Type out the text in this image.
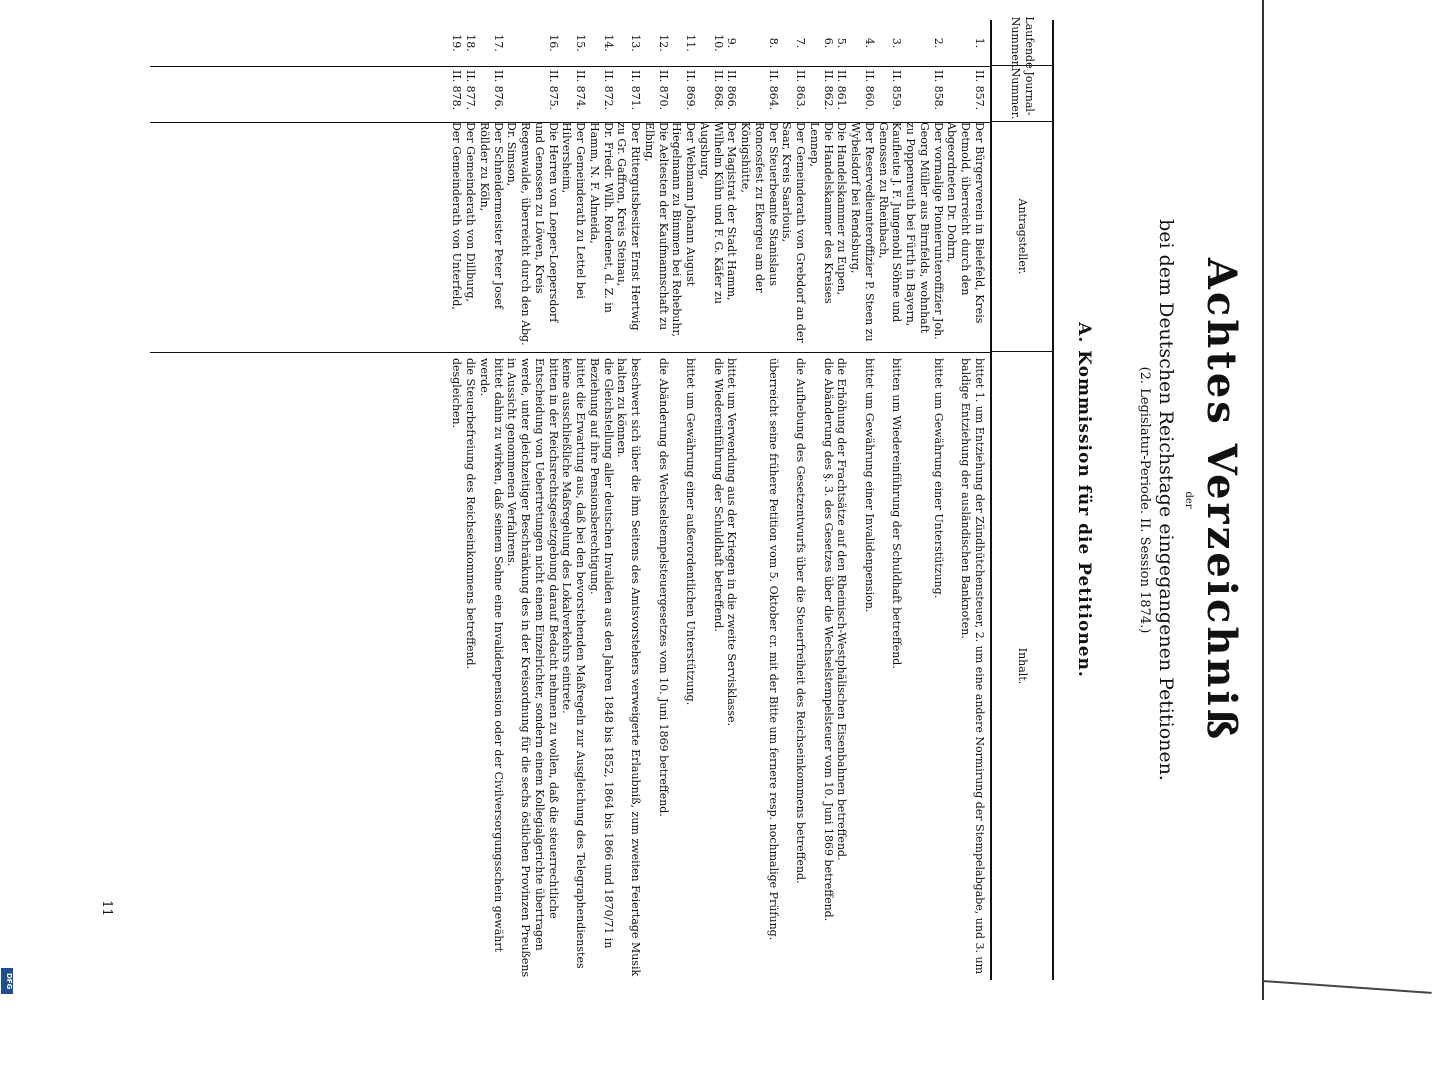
Achtes Verzeichniß
der
bei dem Deutschen Reichstage eingegangenen Petitionen.
(2. Legislatur-Periode. II. Session 1874.)
A. Kommission für die Petitionen.
Laufende Nummer.
Journal-Nummer.
Antragsteller.
Inhalt.
1.
II. 857.
Der Bürgerverein in Bielefeld, Kreis Detmold, überreicht durch den Abgeordneten Dr. Dohrn,
bittet 1. um Entziehung der Zündhütchensteuer, 2. um eine andere Normirung der Stempelabgabe, und 3. um baldige Entziehung der ausländischen Banknoten.
2.
II. 858.
Der vormalige Pionierunteroffizier Joh. Georg Müller aus Birnfelds, wohnhaft zu Poppenreuth bei Fürth in Bayern,
bittet um Gewährung einer Unterstützung.
3.
II. 859.
Kaufleute J. F. Jungenohl Söhne und Genossen zu Rheinbach,
bitten um Wiedereinführung der Schuldhaft betreffend.
4.
II. 860.
Der Reservedieunteroffizier P. Steen zu Wybelsdorf bei Rendsburg,
bittet um Gewährung einer Invalidenpension.
5.
II. 861.
Die Handelskammer zu Eupen,
die Erhöhung der Frachtsätze auf den Rheinisch-Westphälischen Eisenbahnen betreffend.
6.
II. 862.
Die Handelskammer des Kreises Lennep,
die Abänderung des §. 3. des Gesetzes über die Wechselstempelsteuer vom 10. Juni 1869 betreffend.
7.
II. 863.
Der Gemeinderath von Grebdorf an der Saar, Kreis Saarlouis,
die Aufhebung des Gesetzentwurfs über die Steuerfreiheit des Reichseinkommens betreffend.
8.
II. 864.
Der Steuerbeamte Stanislaus Roncosfest zu Ekergeu am der Königshütte,
überreicht seine frühere Petition vom 5. Oktober cr. mit der Bitte um fernere resp. nochmalige Prüfung.
9.
II. 866.
Der Magistrat der Stadt Hamm,
bittet um Verwendung aus der Kriegen in die zweite Servisklasse.
10.
II. 868.
Wilhelm Kühn und F. G. Käfer zu Augsburg,
die Wiedereinführung der Schuldhaft betreffend.
11.
II. 869.
Der Webmann Johann August Hiegelmann zu Bimmen bei Rehebuhr,
bittet um Gewährung einer außerordentlichen Unterstützung.
12.
II. 870.
Die Aeltesten der Kaufmannschaft zu Elbing,
die Abänderung des Wechselstempelsteuergesetzes vom 10. Juni 1869 betreffend.
13.
II. 871.
Der Rittergutsbesitzer Ernst Hertwig zu Gr. Gaffron, Kreis Steinau,
beschwert sich über die ihm Seitens des Amtsvorstehers verweigerte Erlaubniß, zum zweiten Feiertage Musik halten zu können.
14.
II. 872.
Dr. Friedr. Wilh. Rordenet, d. Z. in Hamm, N. F. Almeida,
die Gleichstellung aller deutschen Invaliden aus den Jahren 1848 bis 1852, 1864 bis 1866 und 1870/71 in Beziehung auf ihre Pensionsberechtigung.
15.
II. 874.
Der Gemeinderath zu Lettel bei Hilversheim,
bittet die Erwartung aus, daß bei den bevorstehenden Maßregeln zur Ausgleichung des Telegraphendienstes keine ausschließliche Maßregelung des Lokalverkehrs eintrete.
16.
II. 875.
Die Herren von Loeper-Loepersdorf und Genossen zu Löwen, Kreis Regenwalde, überreicht durch den Abg. Dr. Simson,
bitten in der Reichsrechtsgesetzgebung darauf Bedacht nehmen zu wollen, daß die steuerrechtliche Entscheidung von Uebertretungen nicht einem Einzelrichter, sondern einem Kollegialgerichte übertragen werde, unter gleichzeitiger Beschränkung des in der Kreisordnung für die sechs östlichen Provinzen Preußens in Aussicht genommenen Verfahrens.
17.
II. 876.
Der Schneidermeister Peter Josef Röllder zu Köln,
bittet dahin zu wirken, daß seinem Sohne eine Invalidenpension oder der Civilversorgungsschein gewährt werde.
18.
II. 877.
Der Gemeinderath von Dillburg,
die Steuerbefreiung des Reichseinkommens betreffend.
19.
II. 878.
Der Gemeinderath von Unterfeld,
desgleichen.
11
DFG
